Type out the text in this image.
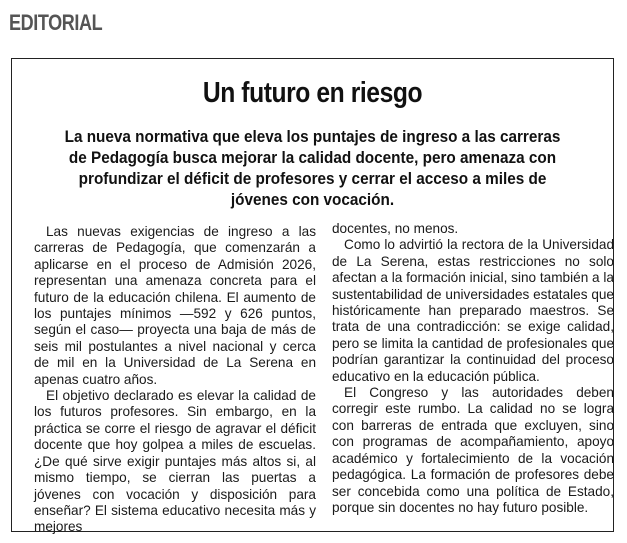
EDITORIAL
Un futuro en riesgo
La nueva normativa que eleva los puntajes de ingreso a las carreras de Pedagogía busca mejorar la calidad docente, pero amenaza con profundizar el déficit de profesores y cerrar el acceso a miles de jóvenes con vocación.

Las nuevas exigencias de ingreso a las carreras de Pedagogía, que comenzarán a aplicarse en el proceso de Admisión 2026, representan una amenaza concreta para el futuro de la educación chilena. El aumento de los puntajes mínimos —592 y 626 puntos, según el caso— proyecta una baja de más de seis mil postulantes a nivel nacional y cerca de mil en la Universidad de La Serena en apenas cuatro años.

El objetivo declarado es elevar la calidad de los futuros profesores. Sin embargo, en la práctica se corre el riesgo de agravar el déficit docente que hoy golpea a miles de escuelas. ¿De qué sirve exigir puntajes más altos si, al mismo tiempo, se cierran las puertas a jóvenes con vocación y disposición para enseñar? El sistema educativo necesita más y mejores

docentes, no menos.

Como lo advirtió la rectora de la Universidad de La Serena, estas restricciones no solo afectan a la formación inicial, sino también a la sustentabilidad de universidades estatales que históricamente han preparado maestros. Se trata de una contradicción: se exige calidad, pero se limita la cantidad de profesionales que podrían garantizar la continuidad del proceso educativo en la educación pública.

El Congreso y las autoridades deben corregir este rumbo. La calidad no se logra con barreras de entrada que excluyen, sino con programas de acompañamiento, apoyo académico y fortalecimiento de la vocación pedagógica. La formación de profesores debe ser concebida como una política de Estado, porque sin docentes no hay futuro posible.
